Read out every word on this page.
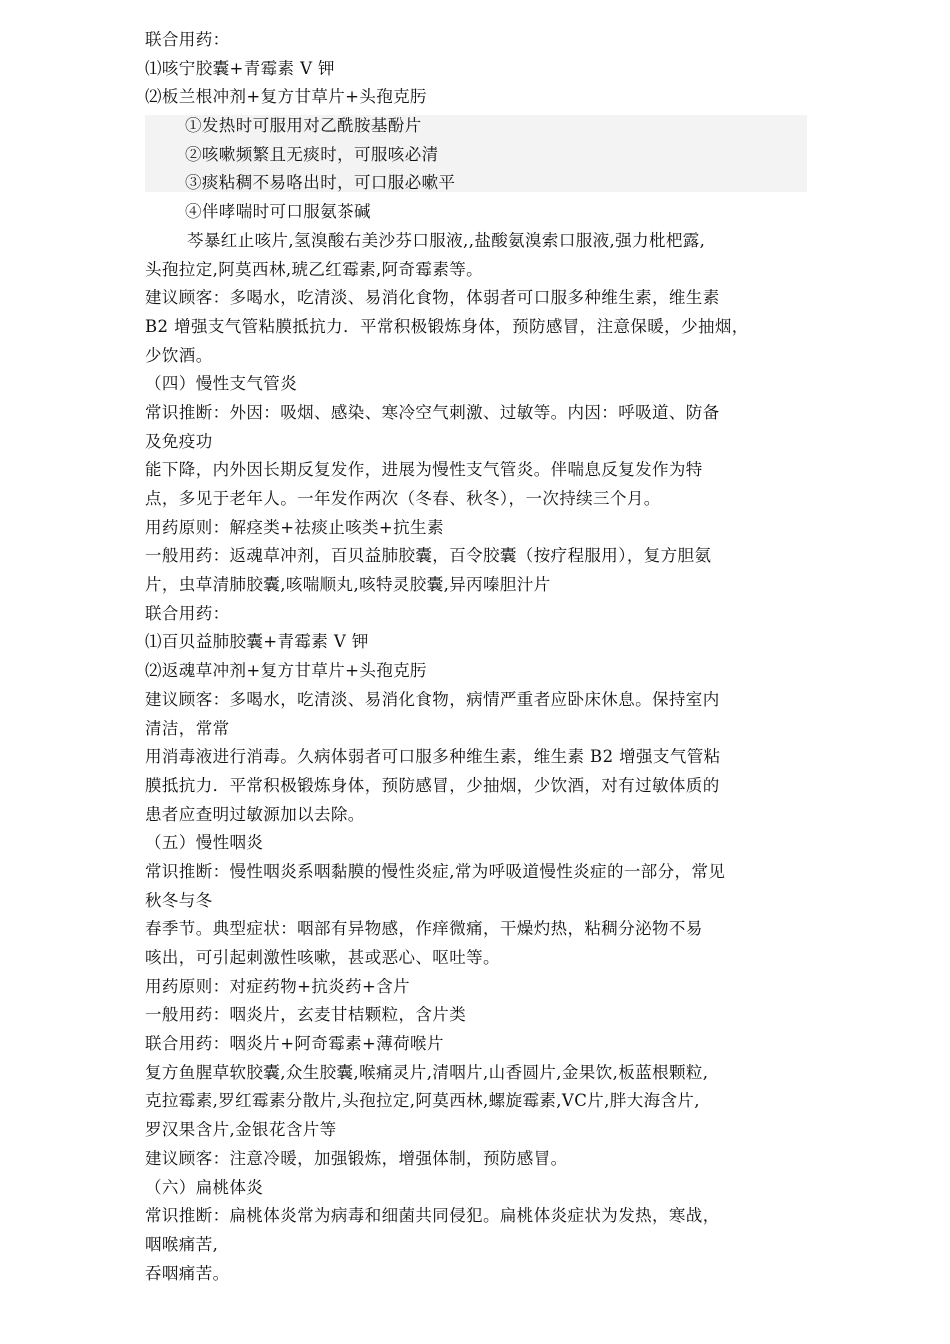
联合用药：
⑴咳宁胶囊+青霉素 V 钾
⑵板兰根冲剂+复方甘草片+头孢克肟
①发热时可服用对乙酰胺基酚片
②咳嗽频繁且无痰时，可服咳必清
③痰粘稠不易咯出时，可口服必嗽平
④伴哮喘时可口服氨茶碱
芩暴红止咳片,氢溴酸右美沙芬口服液,,盐酸氨溴索口服液,强力枇杷露,
头孢拉定,阿莫西林,琥乙红霉素,阿奇霉素等。
建议顾客：多喝水，吃清淡、易消化食物，体弱者可口服多种维生素，维生素
B2 增强支气管粘膜抵抗力．平常积极锻炼身体，预防感冒，注意保暖，少抽烟，
少饮酒。
（四）慢性支气管炎
常识推断：外因：吸烟、感染、寒冷空气刺激、过敏等。内因：呼吸道、防备
及免疫功
能下降，内外因长期反复发作，进展为慢性支气管炎。伴喘息反复发作为特
点，多见于老年人。一年发作两次（冬春、秋冬），一次持续三个月。
用药原则：解痉类+祛痰止咳类+抗生素
一般用药：返魂草冲剂，百贝益肺胶囊，百令胶囊（按疗程服用），复方胆氨
片，虫草清肺胶囊,咳喘顺丸,咳特灵胶囊,异丙嗪胆汁片
联合用药：
⑴百贝益肺胶囊+青霉素 V 钾
⑵返魂草冲剂+复方甘草片+头孢克肟
建议顾客：多喝水，吃清淡、易消化食物，病情严重者应卧床休息。保持室内
清洁，常常
用消毒液进行消毒。久病体弱者可口服多种维生素，维生素 B2 增强支气管粘
膜抵抗力．平常积极锻炼身体，预防感冒，少抽烟，少饮酒，对有过敏体质的
患者应查明过敏源加以去除。
（五）慢性咽炎
常识推断：慢性咽炎系咽黏膜的慢性炎症,常为呼吸道慢性炎症的一部分，常见
秋冬与冬
春季节。典型症状：咽部有异物感，作痒微痛，干燥灼热，粘稠分泌物不易
咳出，可引起刺激性咳嗽，甚或恶心、呕吐等。
用药原则：对症药物+抗炎药+含片
一般用药：咽炎片，玄麦甘桔颗粒，含片类
联合用药：咽炎片+阿奇霉素+薄荷喉片
复方鱼腥草软胶囊,众生胶囊,喉痛灵片,清咽片,山香圆片,金果饮,板蓝根颗粒,
克拉霉素,罗红霉素分散片,头孢拉定,阿莫西林,螺旋霉素,VC片,胖大海含片,
罗汉果含片,金银花含片等
建议顾客：注意冷暖，加强锻炼，增强体制，预防感冒。
（六）扁桃体炎
常识推断：扁桃体炎常为病毒和细菌共同侵犯。扁桃体炎症状为发热，寒战，
咽喉痛苦,
吞咽痛苦。
